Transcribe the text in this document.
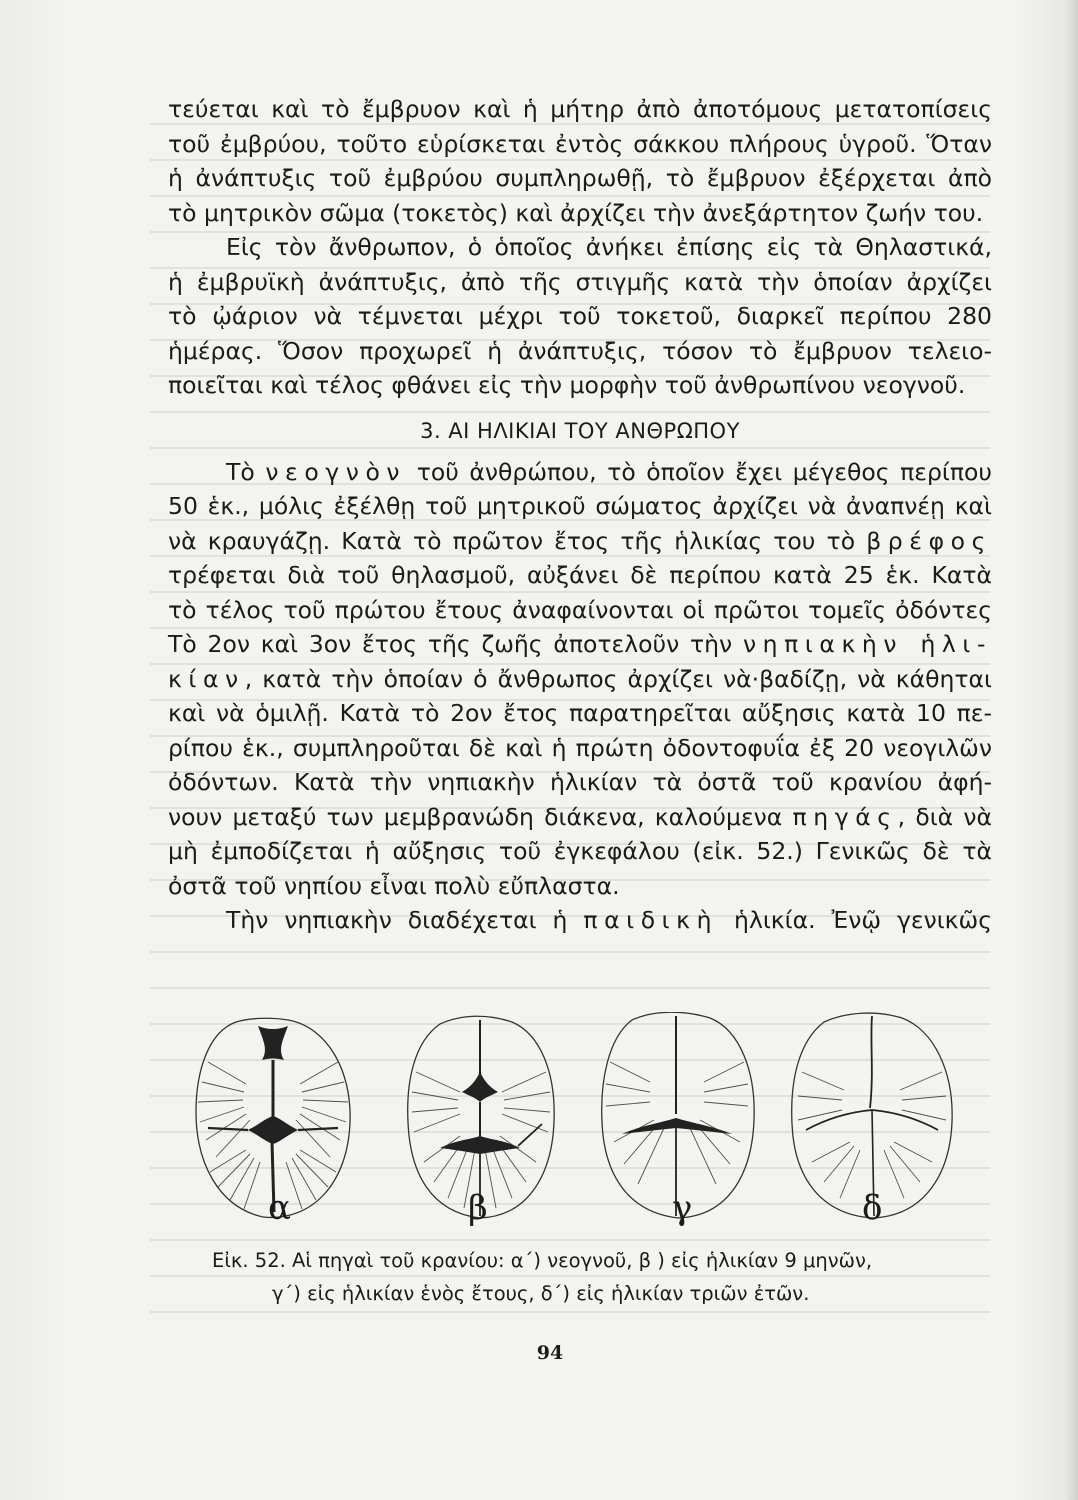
τεύεται καὶ τὸ ἔμβρυον καὶ ἡ μήτηρ ἀπὸ ἀποτόμους μετατοπίσεις
τοῦ ἐμβρύου, τοῦτο εὑρίσκεται ἐντὸς σάκκου πλήρους ὑγροῦ. Ὅταν
ἡ ἀνάπτυξις τοῦ ἐμβρύου συμπληρωθῇ, τὸ ἔμβρυον ἐξέρχεται ἀπὸ
τὸ μητρικὸν σῶμα (τοκετὸς) καὶ ἀρχίζει τὴν ἀνεξάρτητον ζωήν του.
Εἰς τὸν ἄνθρωπον, ὁ ὁποῖος ἀνήκει ἐπίσης εἰς τὰ Θηλαστικά,
ἡ ἐμβρυϊκὴ ἀνάπτυξις, ἀπὸ τῆς στιγμῆς κατὰ τὴν ὁποίαν ἀρχίζει
τὸ ᾠάριον νὰ τέμνεται μέχρι τοῦ τοκετοῦ, διαρκεῖ περίπου 280
ἡμέρας. Ὅσον προχωρεῖ ἡ ἀνάπτυξις, τόσον τὸ ἔμβρυον τελειο-
ποιεῖται καὶ τέλος φθάνει εἰς τὴν μορφὴν τοῦ ἀνθρωπίνου νεογνοῦ.
3. ΑΙ ΗΛΙΚΙΑΙ ΤΟΥ ΑΝΘΡΩΠΟΥ
Τὸ νεογνὸν τοῦ ἀνθρώπου, τὸ ὁποῖον ἔχει μέγεθος περίπου
50 ἑκ., μόλις ἐξέλθῃ τοῦ μητρικοῦ σώματος ἀρχίζει νὰ ἀναπνέῃ καὶ
νὰ κραυγάζῃ. Κατὰ τὸ πρῶτον ἔτος τῆς ἡλικίας του τὸ βρέφος
τρέφεται διὰ τοῦ θηλασμοῦ, αὐξάνει δὲ περίπου κατὰ 25 ἑκ. Κατὰ
τὸ τέλος τοῦ πρώτου ἔτους ἀναφαίνονται οἱ πρῶτοι τομεῖς ὀδόντες
Τὸ 2ον καὶ 3ον ἔτος τῆς ζωῆς ἀποτελοῦν τὴν νηπιακὴν ἡλι-
κίαν, κατὰ τὴν ὁποίαν ὁ ἄνθρωπος ἀρχίζει νὰ·βαδίζῃ, νὰ κάθηται
καὶ νὰ ὁμιλῇ. Κατὰ τὸ 2ον ἔτος παρατηρεῖται αὔξησις κατὰ 10 πε-
ρίπου ἑκ., συμπληροῦται δὲ καὶ ἡ πρώτη ὀδοντοφυΐα ἐξ 20 νεογιλῶν
ὀδόντων. Κατὰ τὴν νηπιακὴν ἡλικίαν τὰ ὀστᾶ τοῦ κρανίου ἀφή-
νουν μεταξύ των μεμβρανώδη διάκενα, καλούμενα πηγάς, διὰ νὰ
μὴ ἐμποδίζεται ἡ αὔξησις τοῦ ἐγκεφάλου (εἰκ. 52.) Γενικῶς δὲ τὰ
ὀστᾶ τοῦ νηπίου εἶναι πολὺ εὔπλαστα.
Τὴν νηπιακὴν διαδέχεται ἡ παιδικὴ ἡλικία. Ἐνῷ γενικῶς
α	β	γ	δ
Εἰκ. 52. Αἱ πηγαὶ τοῦ κρανίου: α΄) νεογνοῦ, β ) εἰς ἡλικίαν 9 μηνῶν,
γ΄) εἰς ἡλικίαν ἑνὸς ἔτους, δ΄) εἰς ἡλικίαν τριῶν ἐτῶν.
94
